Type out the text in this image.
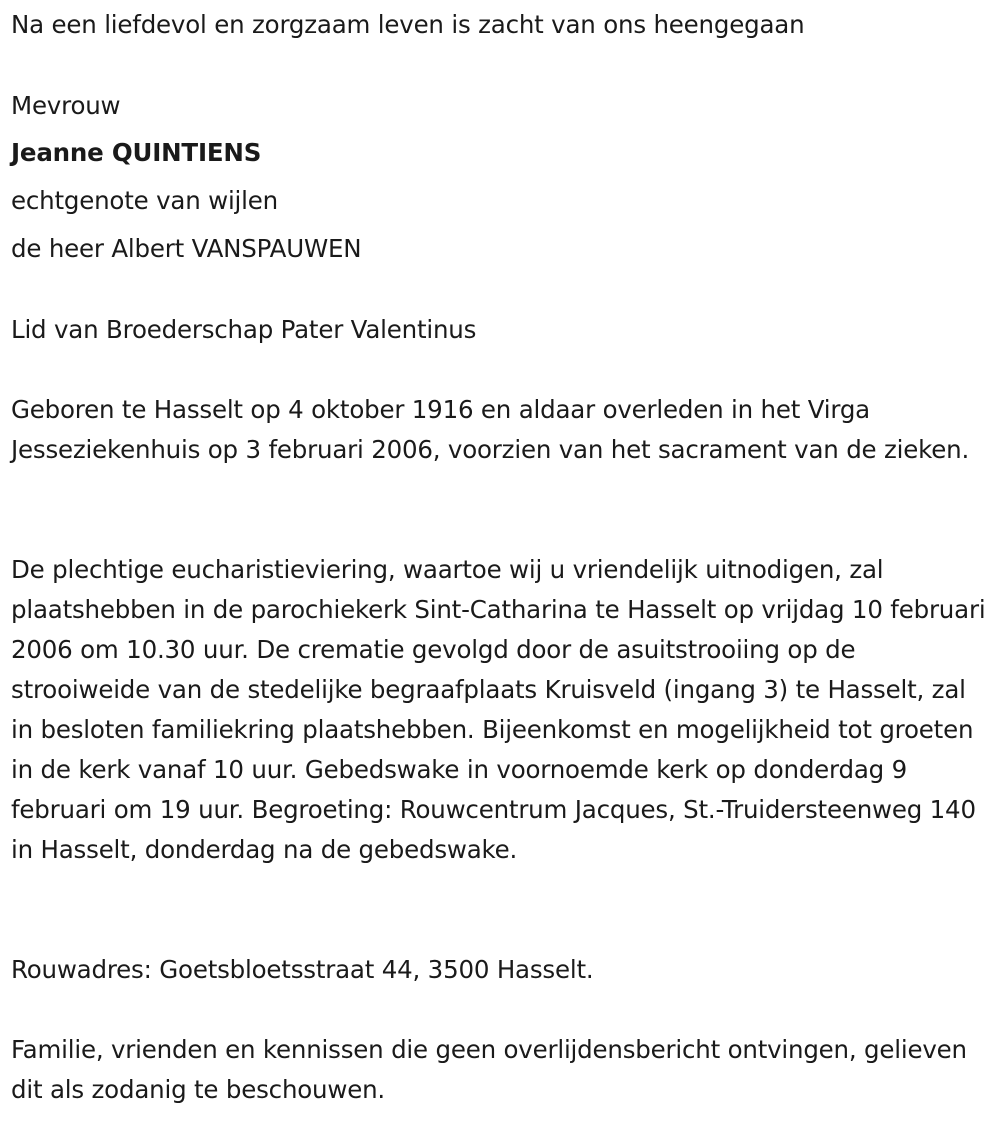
Na een liefdevol en zorgzaam leven is zacht van ons heengegaan

Mevrouw

Jeanne QUINTIENS

echtgenote van wijlen

de heer Albert VANSPAUWEN

Lid van Broederschap Pater Valentinus

Geboren te Hasselt op 4 oktober 1916 en aldaar overleden in het Virga Jesseziekenhuis op 3 februari 2006, voorzien van het sacrament van de zieken.

De plechtige eucharistieviering, waartoe wij u vriendelijk uitnodigen, zal plaatshebben in de parochiekerk Sint-Catharina te Hasselt op vrijdag 10 februari 2006 om 10.30 uur. De crematie gevolgd door de asuitstrooiing op de strooiweide van de stedelijke begraafplaats Kruisveld (ingang 3) te Hasselt, zal in besloten familiekring plaatshebben. Bijeenkomst en mogelijkheid tot groeten in de kerk vanaf 10 uur. Gebedswake in voornoemde kerk op donderdag 9 februari om 19 uur. Begroeting: Rouwcentrum Jacques, St.-Truidersteenweg 140 in Hasselt, donderdag na de gebedswake.

Rouwadres: Goetsbloetsstraat 44, 3500 Hasselt.

Familie, vrienden en kennissen die geen overlijdensbericht ontvingen, gelieven dit als zodanig te beschouwen.
